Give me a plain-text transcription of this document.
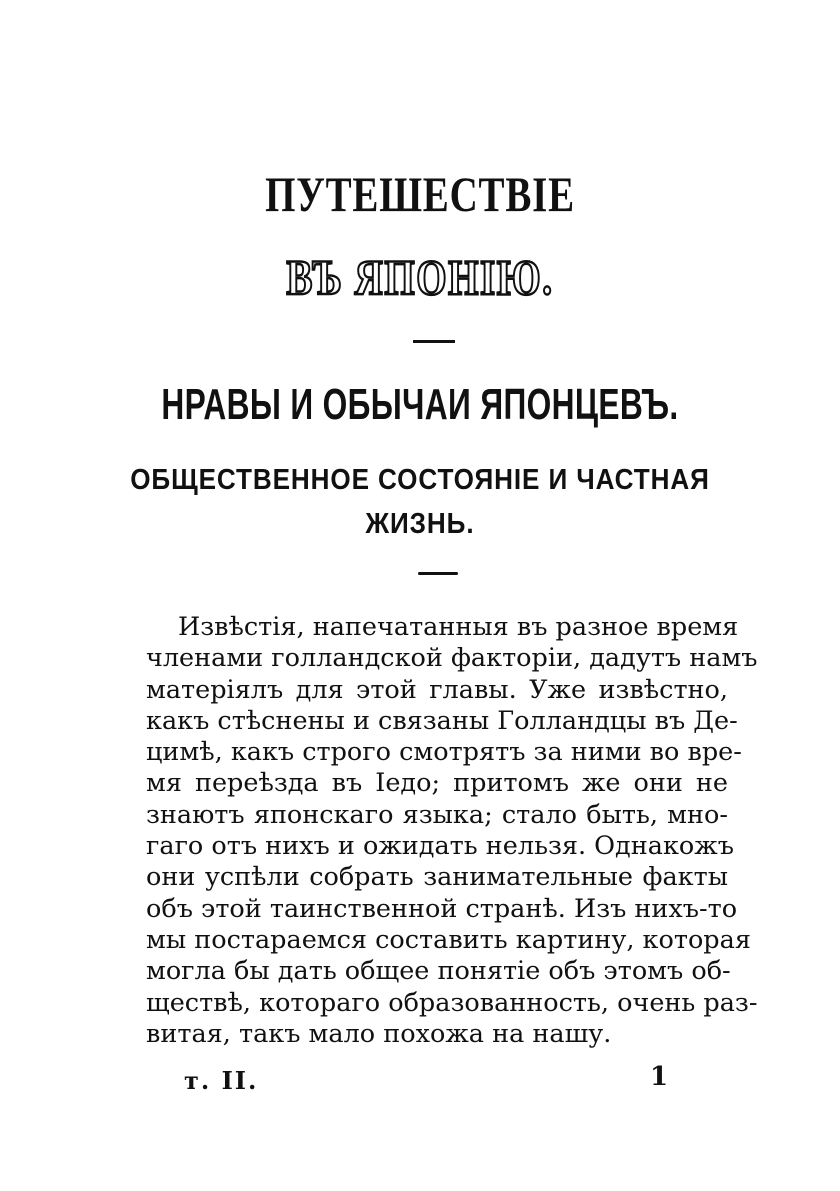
ПУТЕШЕСТВІЕ
ВЪ ЯПОНІЮ.
НРАВЫ И ОБЫЧАИ ЯПОНЦЕВЪ.
ОБЩЕСТВЕННОЕ СОСТОЯНІЕ И ЧАСТНАЯ
ЖИЗНЬ.
Извѣстія, напечатанныя въ разное время
членами голландской факторіи, дадутъ намъ
матеріялъ для этой главы. Уже извѣстно,
какъ стѣснены и связаны Голландцы въ Де-
цимѣ, какъ строго смотрятъ за ними во вре-
мя переѣзда въ Іедо; притомъ же они не
знаютъ японскаго языка; стало быть, мно-
гаго отъ нихъ и ожидать нельзя. Однакожъ
они успѣли собрать занимательные факты
объ этой таинственной странѣ. Изъ нихъ-то
мы постараемся составить картину, которая
могла бы дать общее понятіе объ этомъ об-
ществѣ, котораго образованность, очень раз-
витая, такъ мало похожа на нашу.
т. II.	1
